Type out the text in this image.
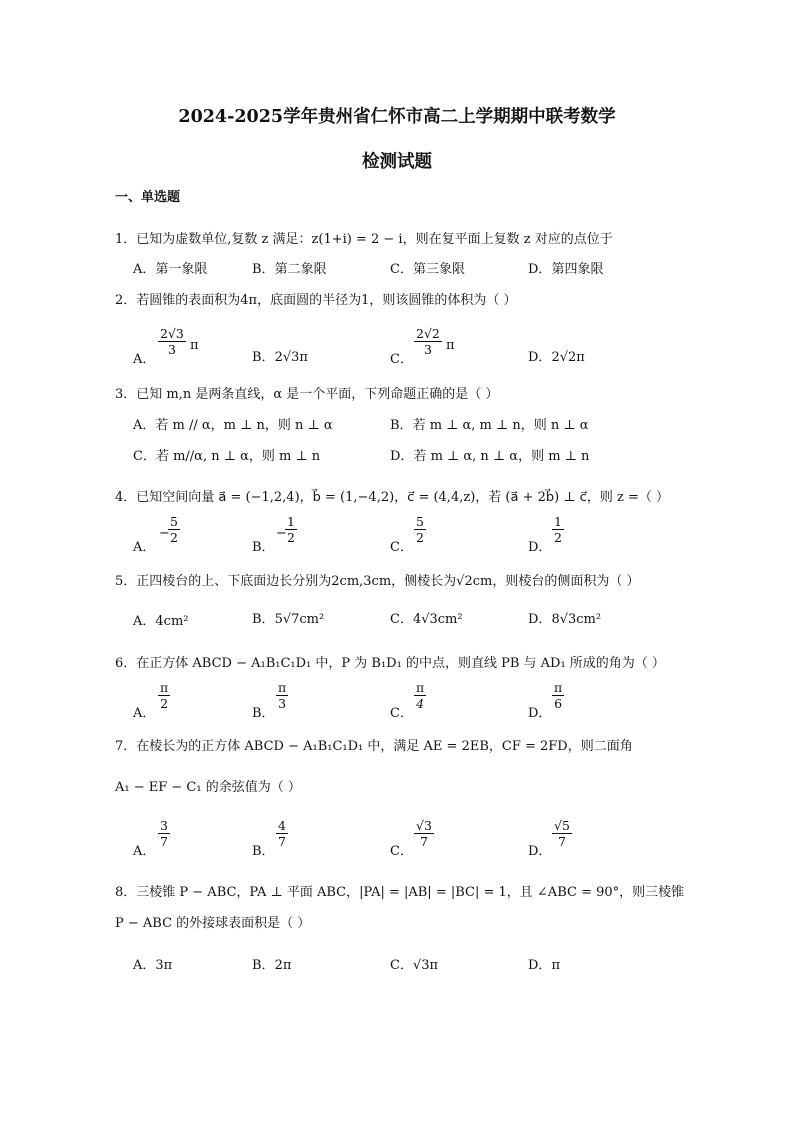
2024-2025学年贵州省仁怀市高二上学期期中联考数学
检测试题
一、单选题
1．已知为虚数单位,复数 z 满足：z(1+i) = 2 − i，则在复平面上复数 z 对应的点位于
A．第一象限	B．第二象限	C．第三象限	D．第四象限
2．若圆锥的表面积为4π，底面圆的半径为1，则该圆锥的体积为（ ）
A．
$\frac{2√3}{3}$ π
B．2√3π	C．
$\frac{2√2}{3}$ π
D．2√2π
3．已知 m,n 是两条直线，α 是一个平面，下列命题正确的是（ ）
A．若 m // α，m ⊥ n，则 n ⊥ α	B．若 m ⊥ α, m ⊥ n，则 n ⊥ α
C．若 m//α, n ⊥ α，则 m ⊥ n	D．若 m ⊥ α, n ⊥ α，则 m ⊥ n
4．已知空间向量 a⃗ = (−1,2,4)，b⃗ = (1,−4,2)，c⃗ = (4,4,z)，若 (a⃗ + 2b⃗) ⊥ c⃗，则 z =（ ）
A．
−
$\frac{5}{2}$
B．
−
$\frac{1}{2}$
C．
$\frac{5}{2}$
D．
$\frac{1}{2}$
5．正四棱台的上、下底面边长分别为2cm,3cm，侧棱长为√2cm，则棱台的侧面积为（ ）
A．4cm²	B．5√7cm²	C．4√3cm²	D．8√3cm²
6．在正方体 ABCD − A₁B₁C₁D₁ 中，P 为 B₁D₁ 的中点，则直线 PB 与 AD₁ 所成的角为（ ）
A．
$\frac{\pi}{2}$
B．
$\frac{\pi}{3}$
C．
$\frac{\pi}{4}$
D．
$\frac{\pi}{6}$
7．在棱长为的正方体 ABCD − A₁B₁C₁D₁ 中，满足 AE = 2EB，CF = 2FD，则二面角
A₁ − EF − C₁ 的余弦值为（ ）
A．
$\frac{3}{7}$
B．
$\frac{4}{7}$
C．
$\frac{√3}{7}$
D．
$\frac{√5}{7}$
8．三棱锥 P − ABC，PA ⊥ 平面 ABC，|PA| = |AB| = |BC| = 1，且 ∠ABC = 90°，则三棱锥
P − ABC 的外接球表面积是（ ）
A．3π	B．2π	C．√3π	D．π
